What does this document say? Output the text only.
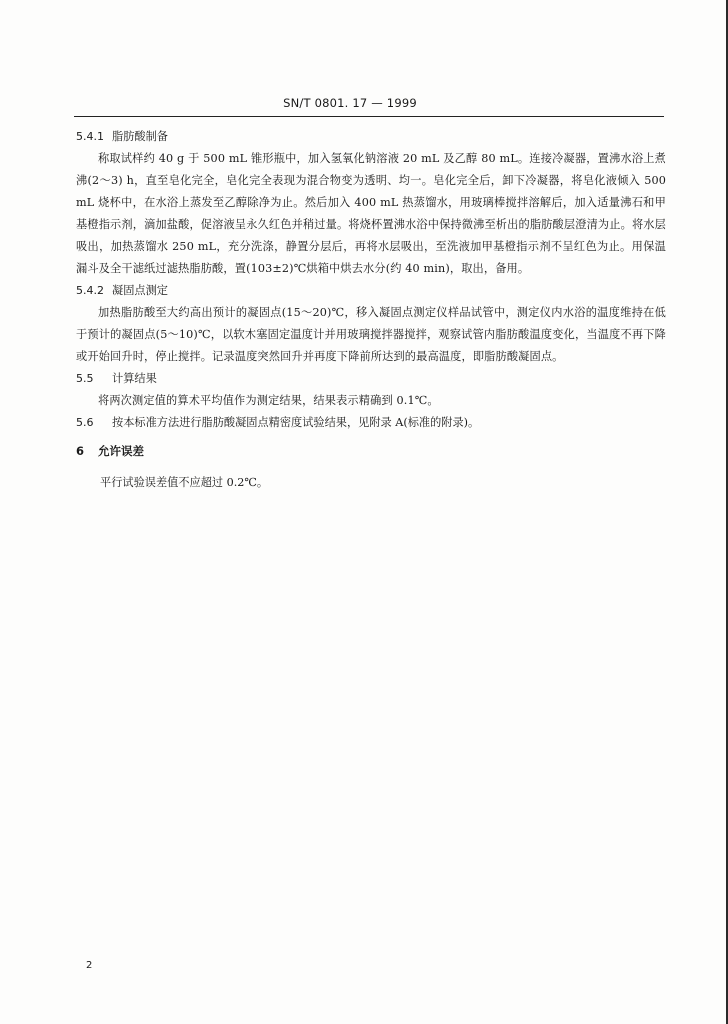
SN/T 0801. 17 — 1999
5.4.1 脂肪酸制备
称取试样约 40 g 于 500 mL 锥形瓶中，加入氢氧化钠溶液 20 mL 及乙醇 80 mL。连接冷凝器，置沸水浴上煮沸(2～3) h，直至皂化完全，皂化完全表现为混合物变为透明、均一。皂化完全后，卸下冷凝器，将皂化液倾入 500 mL 烧杯中，在水浴上蒸发至乙醇除净为止。然后加入 400 mL 热蒸馏水，用玻璃棒搅拌溶解后，加入适量沸石和甲基橙指示剂，滴加盐酸，促溶液呈永久红色并稍过量。将烧杯置沸水浴中保持微沸至析出的脂肪酸层澄清为止。将水层吸出，加热蒸馏水 250 mL，充分洗涤，静置分层后，再将水层吸出，至洗液加甲基橙指示剂不呈红色为止。用保温漏斗及全干滤纸过滤热脂肪酸，置(103±2)℃烘箱中烘去水分(约 40 min)，取出，备用。
5.4.2 凝固点测定
加热脂肪酸至大约高出预计的凝固点(15～20)℃，移入凝固点测定仪样品试管中，测定仪内水浴的温度维持在低于预计的凝固点(5～10)℃，以软木塞固定温度计并用玻璃搅拌器搅拌，观察试管内脂肪酸温度变化，当温度不再下降或开始回升时，停止搅拌。记录温度突然回升并再度下降前所达到的最高温度，即脂肪酸凝固点。
5.5 计算结果
将两次测定值的算术平均值作为测定结果，结果表示精确到 0.1℃。
5.6 按本标准方法进行脂肪酸凝固点精密度试验结果，见附录 A(标准的附录)。
6 允许误差
平行试验误差值不应超过 0.2℃。
2
